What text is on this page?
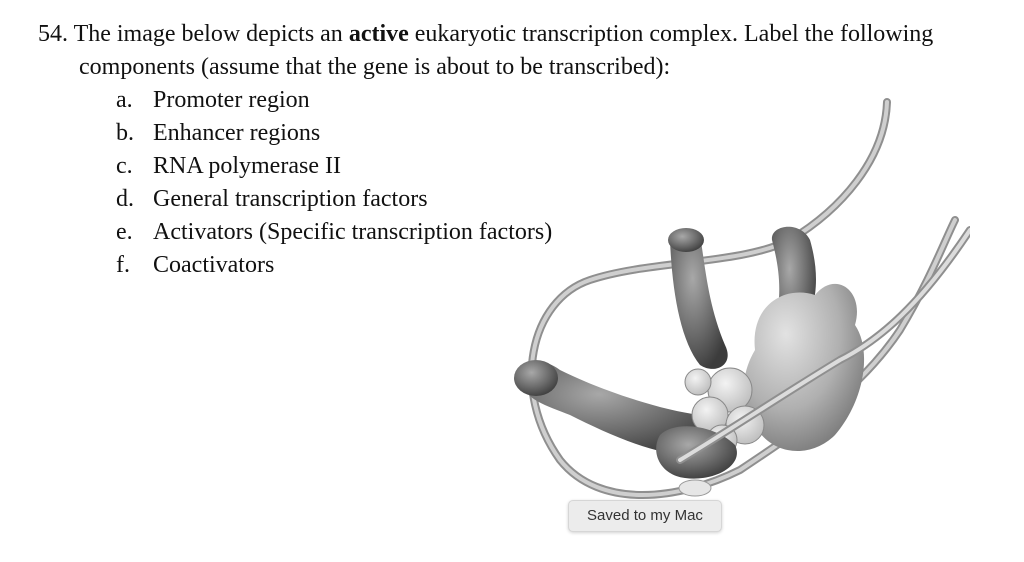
54. The image below depicts an active eukaryotic transcription complex. Label the following
components (assume that the gene is about to be transcribed):
a. Promoter region
b. Enhancer regions
c. RNA polymerase II
d. General transcription factors
e. Activators (Specific transcription factors)
f. Coactivators
Saved to my Mac
